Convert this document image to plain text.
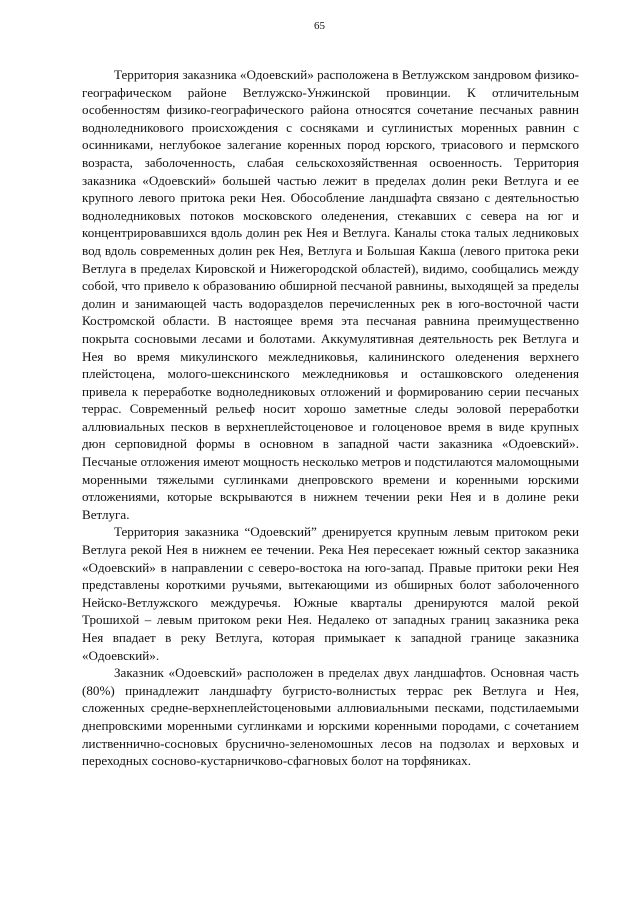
65

Территория заказника «Одоевский» расположена в Ветлужском зандровом физико-географическом районе Ветлужско-Унжинской провинции. К отличительным особенностям физико-географического района относятся сочетание песчаных равнин водноледникового происхождения с сосняками и суглинистых моренных равнин с осинниками, неглубокое залегание коренных пород юрского, триасового и пермского возраста, заболоченность, слабая сельскохозяйственная освоенность. Территория заказника «Одоевский» большей частью лежит в пределах долин реки Ветлуга и ее крупного левого притока реки Нея. Обособление ландшафта связано с деятельностью водноледниковых потоков московского оледенения, стекавших с севера на юг и концентрировавшихся вдоль долин рек Нея и Ветлуга. Каналы стока талых ледниковых вод вдоль современных долин рек Нея, Ветлуга и Большая Какша (левого притока реки Ветлуга в пределах Кировской и Нижегородской областей), видимо, сообщались между собой, что привело к образованию обширной песчаной равнины, выходящей за пределы долин и занимающей часть водоразделов перечисленных рек в юго-восточной части Костромской области. В настоящее время эта песчаная равнина преимущественно покрыта сосновыми лесами и болотами. Аккумулятивная деятельность рек Ветлуга и Нея во время микулинского межледниковья, калининского оледенения верхнего плейстоцена, молого-шекснинского межледниковья и осташковского оледенения привела к переработке водноледниковых отложений и формированию серии песчаных террас. Современный рельеф носит хорошо заметные следы эоловой переработки аллювиальных песков в верхнеплейстоценовое и голоценовое время в виде крупных дюн серповидной формы в основном в западной части заказника «Одоевский». Песчаные отложения имеют мощность несколько метров и подстилаются маломощными моренными тяжелыми суглинками днепровского времени и коренными юрскими отложениями, которые вскрываются в нижнем течении реки Нея и в долине реки Ветлуга.

Территория заказника “Одоевский” дренируется крупным левым притоком реки Ветлуга рекой Нея в нижнем ее течении. Река Нея пересекает южный сектор заказника «Одоевский» в направлении с северо-востока на юго-запад. Правые притоки реки Нея представлены короткими ручьями, вытекающими из обширных болот заболоченного Нейско-Ветлужского междуречья. Южные кварталы дренируются малой рекой Трошихой – левым притоком реки Нея. Недалеко от западных границ заказника река Нея впадает в реку Ветлуга, которая примыкает к западной границе заказника «Одоевский».

Заказник «Одоевский» расположен в пределах двух ландшафтов. Основная часть (80%) принадлежит ландшафту бугристо-волнистых террас рек Ветлуга и Нея, сложенных средне-верхнеплейстоценовыми аллювиальными песками, подстилаемыми днепровскими моренными суглинками и юрскими коренными породами, с сочетанием лиственнично-сосновых бруснично-зеленомошных лесов на подзолах и верховых и переходных сосново-кустарничково-сфагновых болот на торфяниках.
